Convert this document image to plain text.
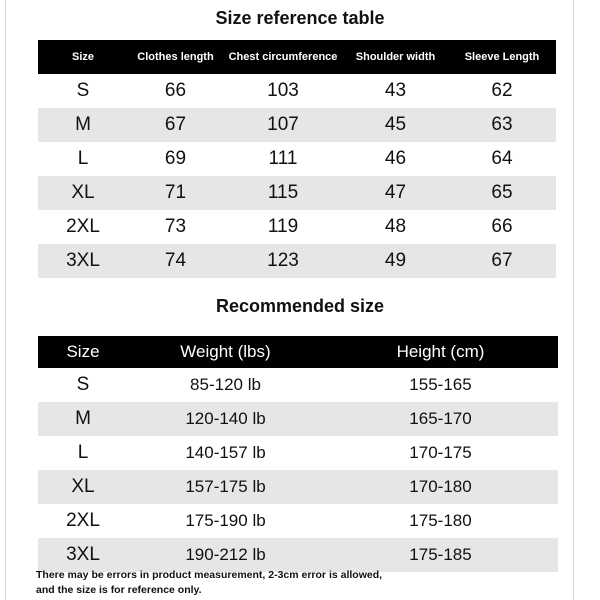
Size reference table
Size	Clothes length	Chest circumference	Shoulder width	Sleeve Length
S	66	103	43	62
M	67	107	45	63
L	69	111	46	64
XL	71	115	47	65
2XL	73	119	48	66
3XL	74	123	49	67
Recommended size
Size	Weight (lbs)	Height (cm)
S	85-120 lb	155-165
M	120-140 lb	165-170
L	140-157 lb	170-175
XL	157-175 lb	170-180
2XL	175-190 lb	175-180
3XL	190-212 lb	175-185
There may be errors in product measurement, 2-3cm error is allowed,
and the size is for reference only.
